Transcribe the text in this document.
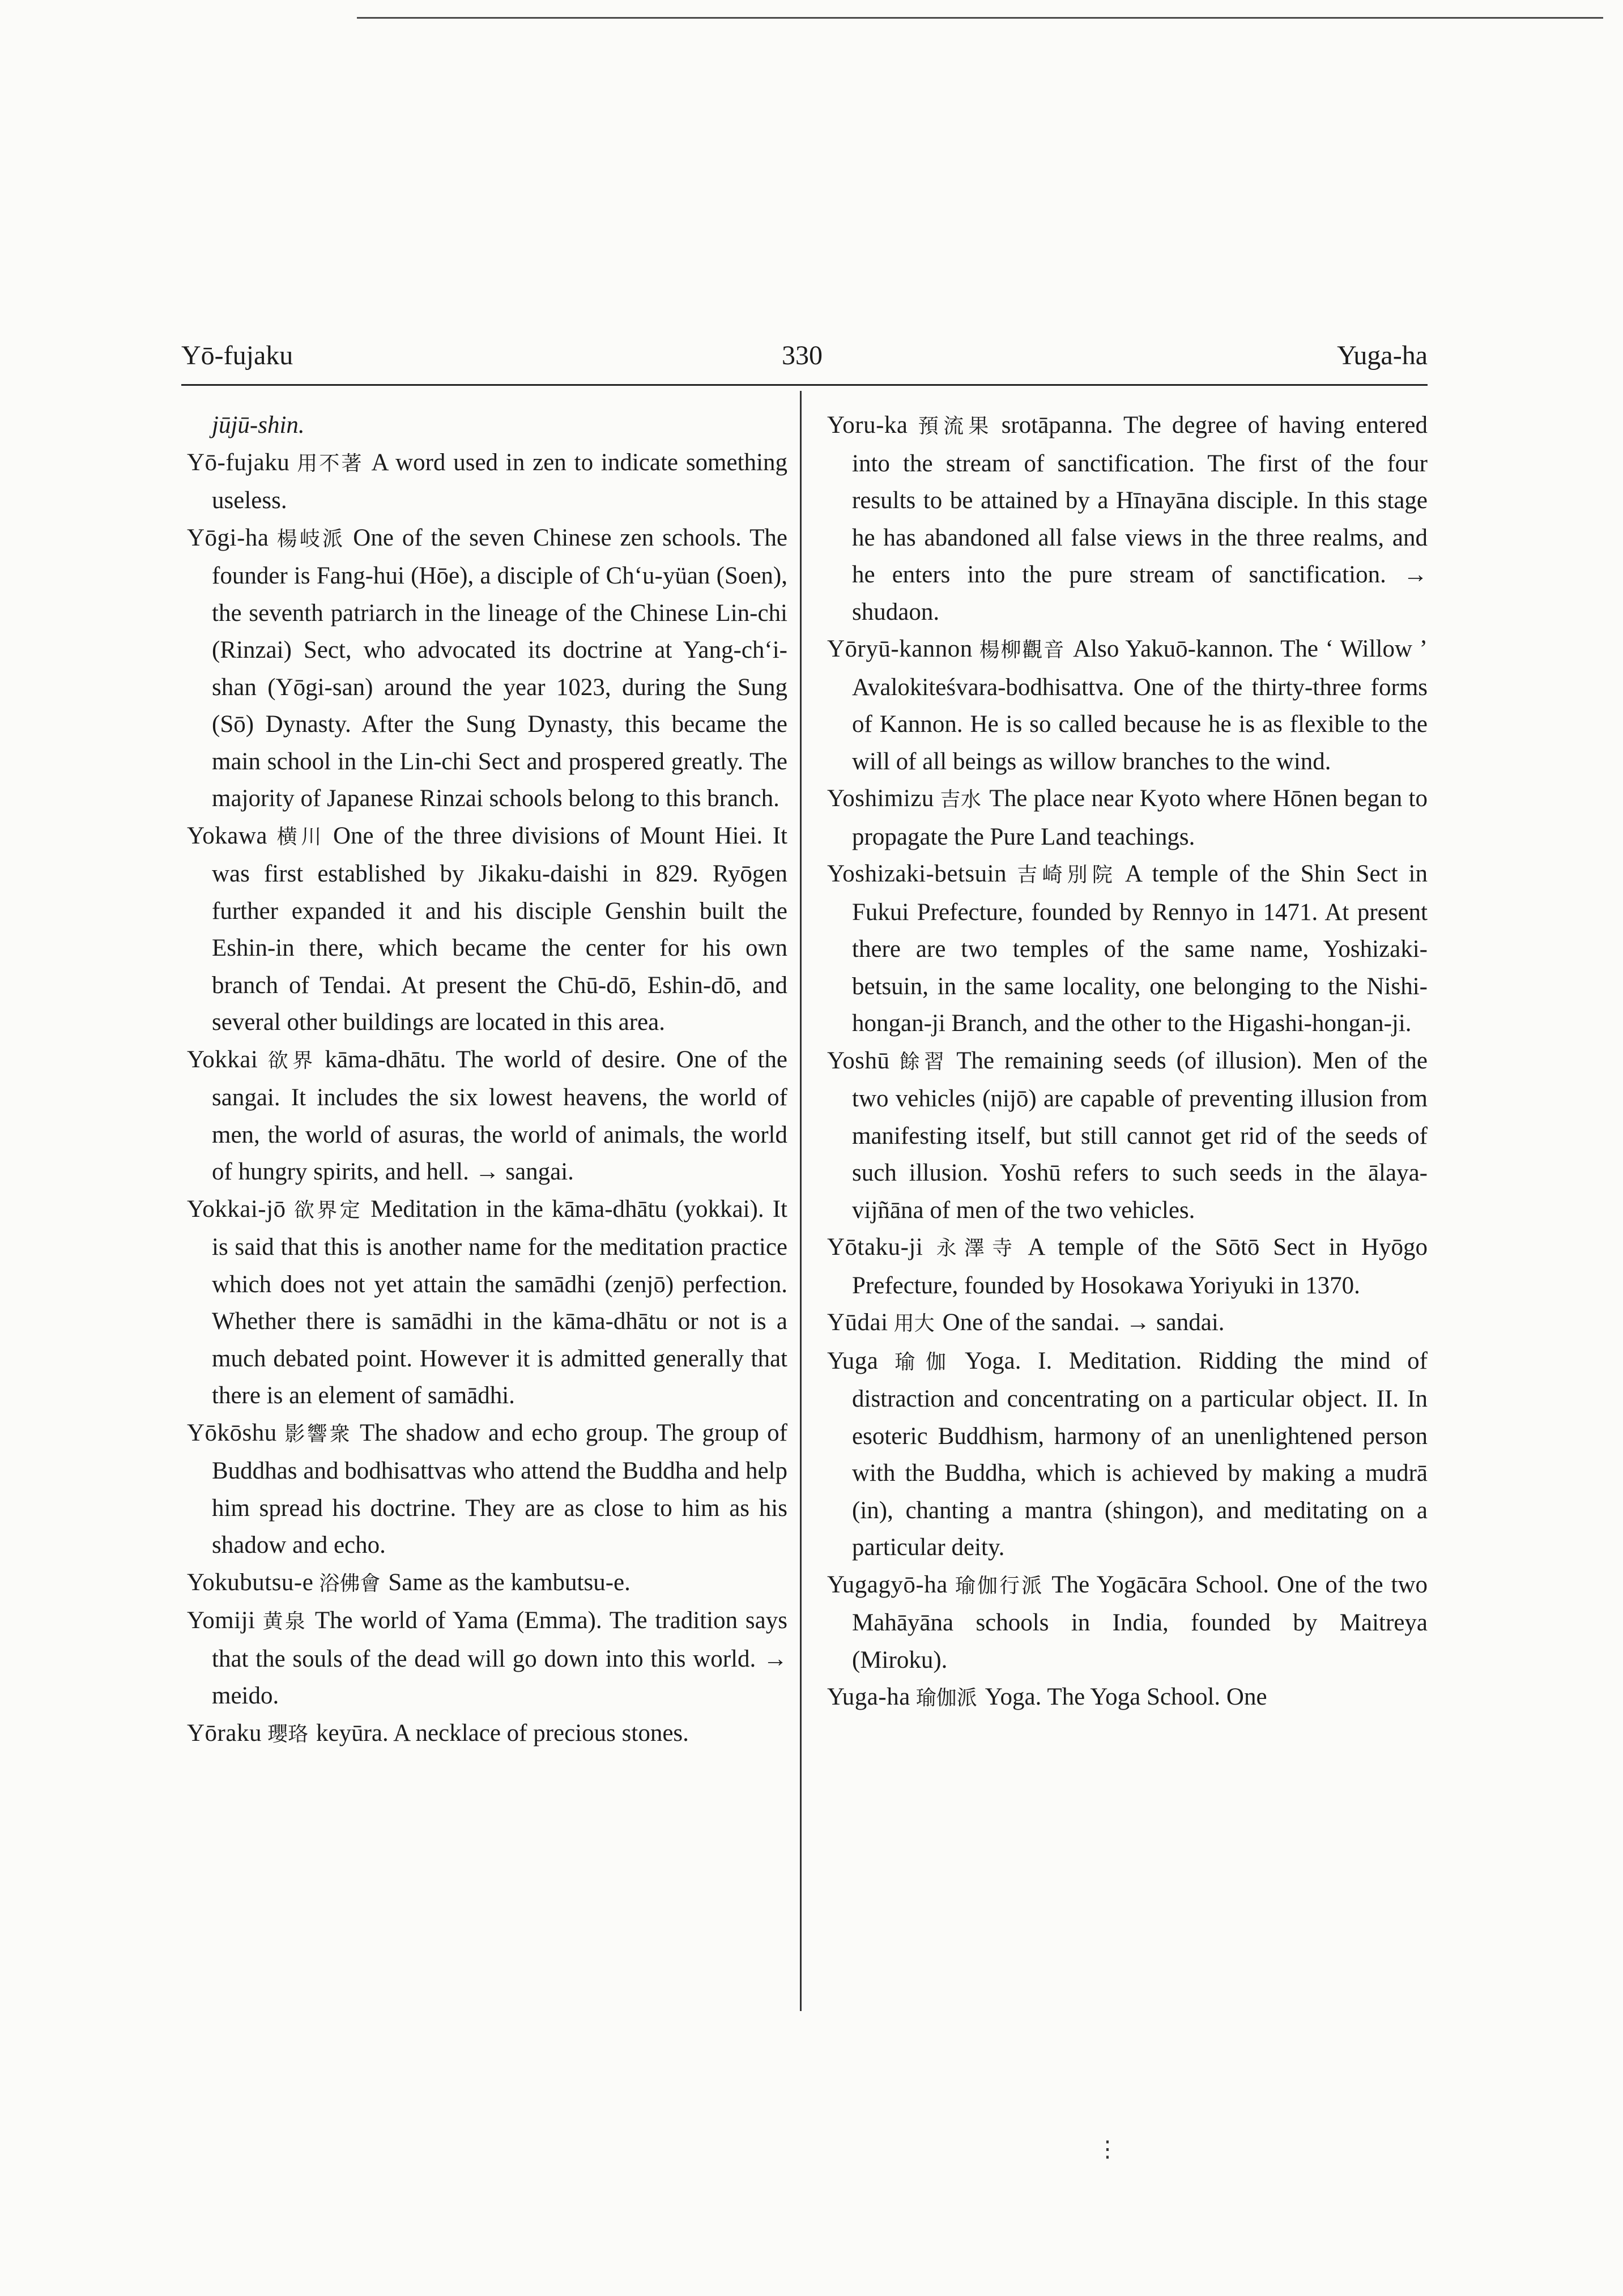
Yō-fujaku	330	Yuga-ha

jūjū-shin.

Yō-fujaku 用不著 A word used in zen to indicate something useless.

Yōgi-ha 楊岐派 One of the seven Chinese zen schools. The founder is Fang-hui (Hōe), a disciple of Ch‘u-yüan (Soen), the seventh patriarch in the lineage of the Chinese Lin-chi (Rinzai) Sect, who advocated its doctrine at Yang-ch‘i-shan (Yōgi-san) around the year 1023, during the Sung (Sō) Dynasty. After the Sung Dynasty, this became the main school in the Lin-chi Sect and prospered greatly. The majority of Japanese Rinzai schools belong to this branch.

Yokawa 横川 One of the three divisions of Mount Hiei. It was first established by Jikaku-daishi in 829. Ryōgen further expanded it and his disciple Genshin built the Eshin-in there, which became the center for his own branch of Tendai. At present the Chū-dō, Eshin-dō, and several other buildings are located in this area.

Yokkai 欲界 kāma-dhātu. The world of desire. One of the sangai. It includes the six lowest heavens, the world of men, the world of asuras, the world of animals, the world of hungry spirits, and hell. → sangai.

Yokkai-jō 欲界定 Meditation in the kāma-dhātu (yokkai). It is said that this is another name for the meditation practice which does not yet attain the samādhi (zenjō) perfection. Whether there is samādhi in the kāma-dhātu or not is a much debated point. However it is admitted generally that there is an element of samādhi.

Yōkōshu 影響衆 The shadow and echo group. The group of Buddhas and bodhisattvas who attend the Buddha and help him spread his doctrine. They are as close to him as his shadow and echo.

Yokubutsu-e 浴佛會 Same as the kambutsu-e.

Yomiji 黄泉 The world of Yama (Emma). The tradition says that the souls of the dead will go down into this world. → meido.

Yōraku 瓔珞 keyūra. A necklace of precious stones.

Yoru-ka 預流果 srotāpanna. The degree of having entered into the stream of sanctification. The first of the four results to be attained by a Hīnayāna disciple. In this stage he has abandoned all false views in the three realms, and he enters into the pure stream of sanctification. → shudaon.

Yōryū-kannon 楊柳觀音 Also Yakuō-kannon. The ‘ Willow ’ Avalokiteśvara-bodhisattva. One of the thirty-three forms of Kannon. He is so called because he is as flexible to the will of all beings as willow branches to the wind.

Yoshimizu 吉水 The place near Kyoto where Hōnen began to propagate the Pure Land teachings.

Yoshizaki-betsuin 吉崎別院 A temple of the Shin Sect in Fukui Prefecture, founded by Rennyo in 1471. At present there are two temples of the same name, Yoshizaki-betsuin, in the same locality, one belonging to the Nishi-hongan-ji Branch, and the other to the Higashi-hongan-ji.

Yoshū 餘習 The remaining seeds (of illusion). Men of the two vehicles (nijō) are capable of preventing illusion from manifesting itself, but still cannot get rid of the seeds of such illusion. Yoshū refers to such seeds in the ālaya-vijñāna of men of the two vehicles.

Yōtaku-ji 永澤寺 A temple of the Sōtō Sect in Hyōgo Prefecture, founded by Hosokawa Yoriyuki in 1370.

Yūdai 用大 One of the sandai. → sandai.

Yuga 瑜伽 Yoga. I. Meditation. Ridding the mind of distraction and concentrating on a particular object. II. In esoteric Buddhism, harmony of an unenlightened person with the Buddha, which is achieved by making a mudrā (in), chanting a mantra (shingon), and meditating on a particular deity.

Yugagyō-ha 瑜伽行派 The Yogācāra School. One of the two Mahāyāna schools in India, founded by Maitreya (Miroku).

Yuga-ha 瑜伽派 Yoga. The Yoga School. One

⋮
